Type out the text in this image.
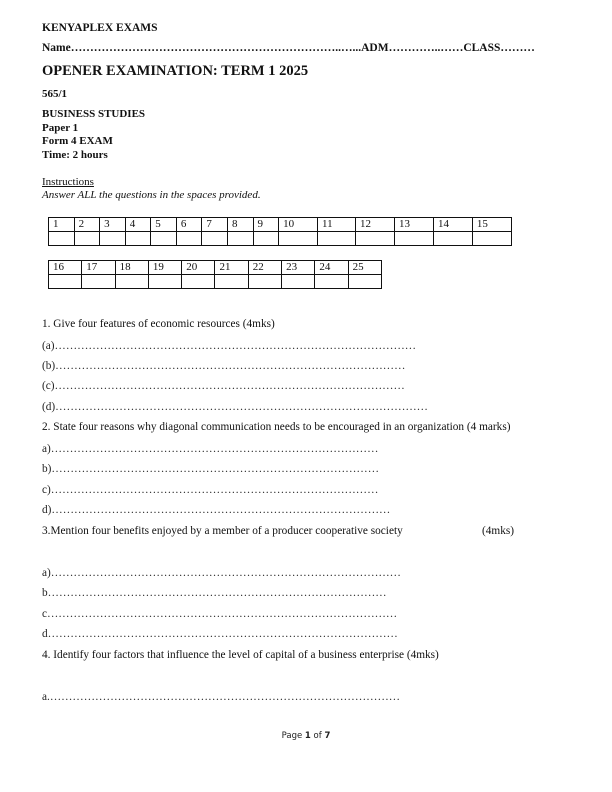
KENYAPLEX EXAMS
Name……………………………………………………………..…...ADM…………..……CLASS………
OPENER EXAMINATION: TERM 1 2025
565/1
BUSINESS STUDIES
Paper 1
Form 4 EXAM
Time: 2 hours
Instructions
Answer ALL the questions in the spaces provided.
1	2	3	4	5	6	7	8	9	10	11	12	13	14	15

16	17	18	19	20	21	22	23	24	25

1. Give four features of economic resources (4mks)
(a)……………………………………………………………………………………
(b)…………………………………………………………………………………
(c)…………………………………………………………………………………
(d)………………………………………………………………………………………
2. State four reasons why diagonal communication needs to be encouraged in an organization (4 marks)
a)……………………………………………………………………………
b)……………………………………………………………………………
c)……………………………………………………………………………
d)………………………………………………………………………………
3.Mention four benefits enjoyed by a member of a producer cooperative society	(4mks)
a)…………………………………………………………………………………
b………………………………………………………………………………
c…………………………………………………………………………………
d…………………………………………………………………………………
4. Identify four factors that influence the level of capital of a business enterprise (4mks)
a.…………………………………………………………………………………
Page 1 of 7
